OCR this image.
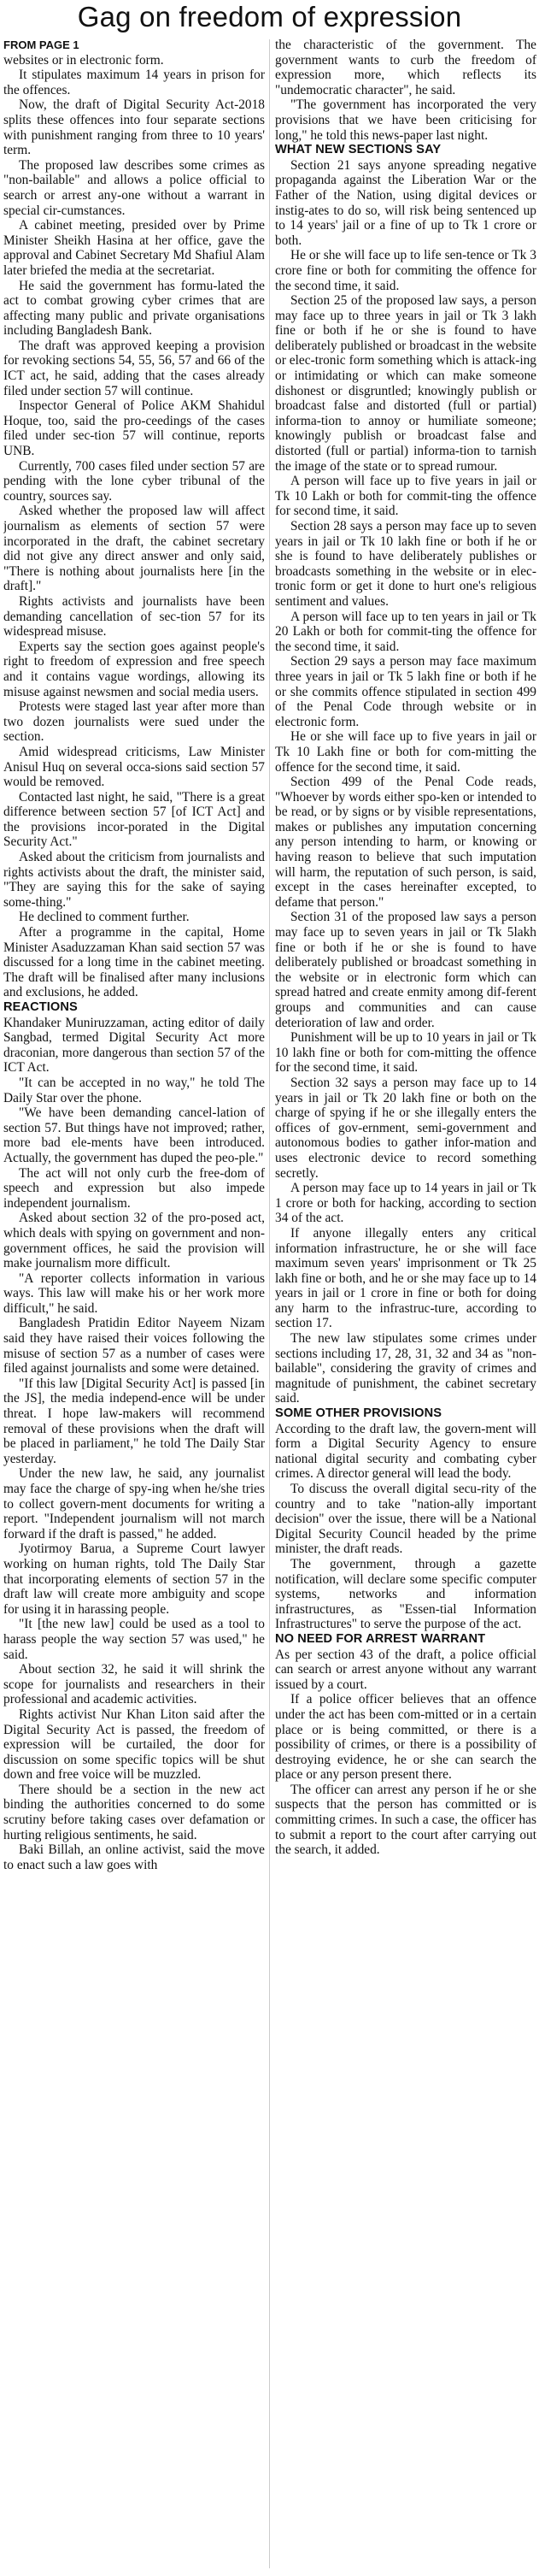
Gag on freedom of expression
FROM PAGE 1

websites or in electronic form.

It stipulates maximum 14 years in prison for the offences.

Now, the draft of Digital Security Act-2018 splits these offences into four separate sections with punishment ranging from three to 10 years' term.

The proposed law describes some crimes as "non-bailable" and allows a police official to search or arrest any-one without a warrant in special cir-cumstances.

A cabinet meeting, presided over by Prime Minister Sheikh Hasina at her office, gave the approval and Cabinet Secretary Md Shafiul Alam later briefed the media at the secretariat.

He said the government has formu-lated the act to combat growing cyber crimes that are affecting many public and private organisations including Bangladesh Bank.

The draft was approved keeping a provision for revoking sections 54, 55, 56, 57 and 66 of the ICT act, he said, adding that the cases already filed under section 57 will continue.

Inspector General of Police AKM Shahidul Hoque, too, said the pro-ceedings of the cases filed under sec-tion 57 will continue, reports UNB.

Currently, 700 cases filed under section 57 are pending with the lone cyber tribunal of the country, sources say.

Asked whether the proposed law will affect journalism as elements of section 57 were incorporated in the draft, the cabinet secretary did not give any direct answer and only said, "There is nothing about journalists here [in the draft]."

Rights activists and journalists have been demanding cancellation of sec-tion 57 for its widespread misuse.

Experts say the section goes against people's right to freedom of expression and free speech and it contains vague wordings, allowing its misuse against newsmen and social media users.

Protests were staged last year after more than two dozen journalists were sued under the section.

Amid widespread criticisms, Law Minister Anisul Huq on several occa-sions said section 57 would be removed.

Contacted last night, he said, "There is a great difference between section 57 [of ICT Act] and the provisions incor-porated in the Digital Security Act."

Asked about the criticism from journalists and rights activists about the draft, the minister said, "They are saying this for the sake of saying some-thing."

He declined to comment further.

After a programme in the capital, Home Minister Asaduzzaman Khan said section 57 was discussed for a long time in the cabinet meeting. The draft will be finalised after many inclusions and exclusions, he added.

REACTIONS

Khandaker Muniruzzaman, acting editor of daily Sangbad, termed Digital Security Act more draconian, more dangerous than section 57 of the ICT Act.

"It can be accepted in no way," he told The Daily Star over the phone.

"We have been demanding cancel-lation of section 57. But things have not improved; rather, more bad ele-ments have been introduced. Actually, the government has duped the peo-ple."

The act will not only curb the free-dom of speech and expression but also impede independent journalism.

Asked about section 32 of the pro-posed act, which deals with spying on government and non-government offices, he said the provision will make journalism more difficult.

"A reporter collects information in various ways. This law will make his or her work more difficult," he said.

Bangladesh Pratidin Editor Nayeem Nizam said they have raised their voices following the misuse of section 57 as a number of cases were filed against journalists and some were detained.

"If this law [Digital Security Act] is passed [in the JS], the media independ-ence will be under threat. I hope law-makers will recommend removal of these provisions when the draft will be placed in parliament," he told The Daily Star yesterday.

Under the new law, he said, any journalist may face the charge of spy-ing when he/she tries to collect govern-ment documents for writing a report. "Independent journalism will not march forward if the draft is passed," he added.

Jyotirmoy Barua, a Supreme Court lawyer working on human rights, told The Daily Star that incorporating elements of section 57 in the draft law will create more ambiguity and scope for using it in harassing people.

"It [the new law] could be used as a tool to harass people the way section 57 was used," he said.

About section 32, he said it will shrink the scope for journalists and researchers in their professional and academic activities.

Rights activist Nur Khan Liton said after the Digital Security Act is passed, the freedom of expression will be curtailed, the door for discussion on some specific topics will be shut down and free voice will be muzzled.

There should be a section in the new act binding the authorities concerned to do some scrutiny before taking cases over defamation or hurting religious sentiments, he said.

Baki Billah, an online activist, said the move to enact such a law goes with

the characteristic of the government. The government wants to curb the freedom of expression more, which reflects its "undemocratic character", he said.

"The government has incorporated the very provisions that we have been criticising for long," he told this news-paper last night.

WHAT NEW SECTIONS SAY

Section 21 says anyone spreading negative propaganda against the Liberation War or the Father of the Nation, using digital devices or instig-ates to do so, will risk being sentenced up to 14 years' jail or a fine of up to Tk 1 crore or both.

He or she will face up to life sen-tence or Tk 3 crore fine or both for commiting the offence for the second time, it said.

Section 25 of the proposed law says, a person may face up to three years in jail or Tk 3 lakh fine or both if he or she is found to have deliberately published or broadcast in the website or elec-tronic form something which is attack-ing or intimidating or which can make someone dishonest or disgruntled; knowingly publish or broadcast false and distorted (full or partial) informa-tion to annoy or humiliate someone; knowingly publish or broadcast false and distorted (full or partial) informa-tion to tarnish the image of the state or to spread rumour.

A person will face up to five years in jail or Tk 10 Lakh or both for commit-ting the offence for second time, it said.

Section 28 says a person may face up to seven years in jail or Tk 10 lakh fine or both if he or she is found to have deliberately publishes or broadcasts something in the website or in elec-tronic form or get it done to hurt one's religious sentiment and values.

A person will face up to ten years in jail or Tk 20 Lakh or both for commit-ting the offence for the second time, it said.

Section 29 says a person may face maximum three years in jail or Tk 5 lakh fine or both if he or she commits offence stipulated in section 499 of the Penal Code through website or in electronic form.

He or she will face up to five years in jail or Tk 10 Lakh fine or both for com-mitting the offence for the second time, it said.

Section 499 of the Penal Code reads, "Whoever by words either spo-ken or intended to be read, or by signs or by visible representations, makes or publishes any imputation concerning any person intending to harm, or knowing or having reason to believe that such imputation will harm, the reputation of such person, is said, except in the cases hereinafter excepted, to defame that person."

Section 31 of the proposed law says a person may face up to seven years in jail or Tk 5lakh fine or both if he or she is found to have deliberately published or broadcast something in the website or in electronic form which can spread hatred and create enmity among dif-ferent groups and communities and can cause deterioration of law and order.

Punishment will be up to 10 years in jail or Tk 10 lakh fine or both for com-mitting the offence for the second time, it said.

Section 32 says a person may face up to 14 years in jail or Tk 20 lakh fine or both on the charge of spying if he or she illegally enters the offices of gov-ernment, semi-government and autonomous bodies to gather infor-mation and uses electronic device to record something secretly.

A person may face up to 14 years in jail or Tk 1 crore or both for hacking, according to section 34 of the act.

If anyone illegally enters any critical information infrastructure, he or she will face maximum seven years' imprisonment or Tk 25 lakh fine or both, and he or she may face up to 14 years in jail or 1 crore in fine or both for doing any harm to the infrastruc-ture, according to section 17.

The new law stipulates some crimes under sections including 17, 28, 31, 32 and 34 as "non-bailable", considering the gravity of crimes and magnitude of punishment, the cabinet secretary said.

SOME OTHER PROVISIONS

According to the draft law, the govern-ment will form a Digital Security Agency to ensure national digital security and combating cyber crimes. A director general will lead the body.

To discuss the overall digital secu-rity of the country and to take "nation-ally important decision" over the issue, there will be a National Digital Security Council headed by the prime minister, the draft reads.

The government, through a gazette notification, will declare some specific computer systems, networks and information infrastructures, as "Essen-tial Information Infrastructures" to serve the purpose of the act.

NO NEED FOR ARREST WARRANT

As per section 43 of the draft, a police official can search or arrest anyone without any warrant issued by a court.

If a police officer believes that an offence under the act has been com-mitted or in a certain place or is being committed, or there is a possibility of crimes, or there is a possibility of destroying evidence, he or she can search the place or any person present there.

The officer can arrest any person if he or she suspects that the person has committed or is committing crimes. In such a case, the officer has to submit a report to the court after carrying out the search, it added.
